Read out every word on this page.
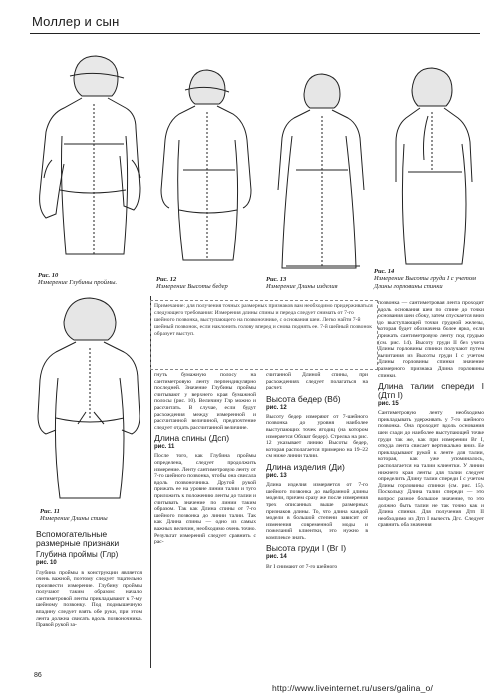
Моллер и сын
Рис. 10
Измерение Глубины проймы.	Рис. 12
Измерение Высоты бедер
Рис. 13
Измерение Длины изделия
Рис. 14
Измерение Высоты груди I с учетом Длины горловины спинки
Рис. 11
Измерение Длины спины
Вспомогательные размерные признаки
Глубина проймы (Глр)
рис. 10

Глубина проймы в конструкции является очень важной, поэтому следует тщательно произвести измерение. Глубину проймы получают таким образом: начало сантиметровой ленты прикладывают к 7-му шейному позвонку. Под подмышечную впадину следует взять обе руки, при этом лента должна свисать вдоль позвоночника. Правой рукой за-

Примечание: для получения точных размерных признаков вам необходимо придерживаться следующего требования: Измерения длины спины и переда следует снимать от 7-го шейного позвонка, выступающего на позвоночнике, с основания шеи. Легко найти 7-й шейный позвонок, если наклонить голову вперед и снова поднять ее. 7-й шейный позвонок образует выступ.

гнуть бумажную полосу на сантиметровую ленту перпендикулярно последней. Значение Глубины проймы считывают у верхнего края бумажной полосы (рис. 10). Величину Глр можно и рассчитать. В случае, если будут расхождения между измеренной и рассчитанной величиной, предпочтение следует отдать рассчитанной величине.

Длина спины (Дсп)
рис. 11

После того, как Глубина проймы определена, следует продолжить измерение. Ленту сантиметровую ленту от 7-го шейного позвонка, чтобы она свисала вдоль позвоночника. Другой рукой прижать ее на уровне линии талии и туго приложить к положению ленты до талии и считывать значение по линии таким образом. Так как Длина спины от 7-го шейного позвонка до линии талии. Так как Длина спины — одно из самых важных величин, необходимо очень точно. Результат измерений следует сравнить с рас-

считанной Длиной спины, при расхождениях следует полагаться на расчет.

Высота бедер (Вб)
рис. 12

Высоту бедер измеряют от 7-шейного позвонка до уровня наиболее выступающих точек ягодиц (на котором измеряется Обхват бедер). Стрелка на рис. 12 указывает линию Высоты бедер, которая располагается примерно на 19–22 см ниже линии талии.

Длина изделия (Ди)
рис. 13

Длина изделия измеряется от 7-го шейного позвонка до выбранной длины модели, причем сразу же после измерения трех описанных выше размерных признаков длины. То, что длина каждой модели в большой степени зависит от изменения современной моды и пожеланий клиентки, это нужно в комплексе знать.

Высота груди I (Вг I)
рис. 14

Вг I снимают от 7-го шейного

позвонка — сантиметровая лента проходит вдоль основания шеи по спине до точки основания шеи сбоку, затем спускается вниз до выступающей точки грудной железы, которая будет обозначена более ярко, если прижать сантиметровую ленту под грудью (см. рис. 14). Высоту груди II без учета Длины горловины спинки получают путем вычитания из Высоты груди I с учетом Длины горловины спинки значение размерного признака Длина горловины спинки.

Длина талии спереди I (Дтп I)
рис. 15

Сантиметровую ленту необходимо прикладывать удерживать у 7-го шейного позвонка. Она проходит вдоль основания шеи сзади до наиболее выступающей точке груди так же, как при измерении Вг I, откуда лента свисает вертикально вниз. Ее прикладывают рукой к ленте для талии, которая, как уже упоминалось, располагается на талии клиентки. У линии нижнего края ленты для талии следует определить Длину талии спереди I с учетом Длины горловины спинки (см. рис. 15). Поскольку Длина талии спереди — это вопрос разное большое значение, то это должно быть талии не так точно как и Длина спинки. Для получения Дтп II необходимо из Дтп I вычесть Дгс. Следует сравнить оба значения

86
http://www.liveinternet.ru/users/galina_o/
